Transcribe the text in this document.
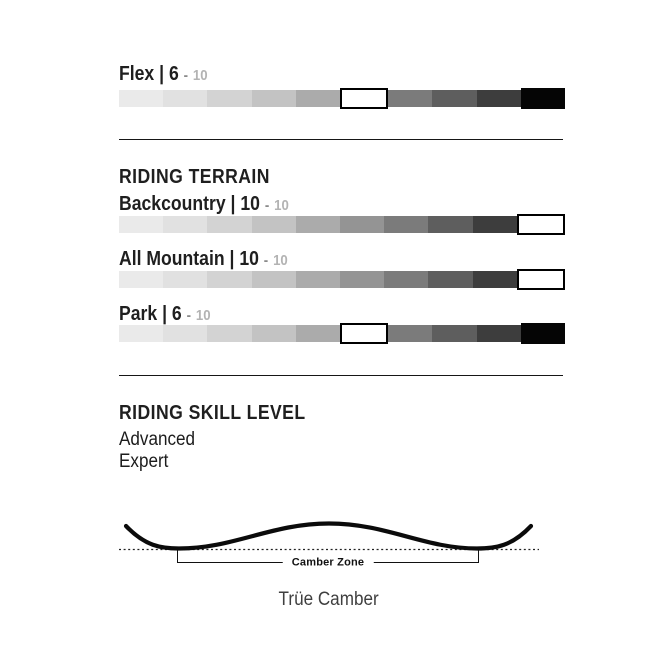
Flex | 6 - 10
RIDING TERRAIN
Backcountry | 10 - 10
All Mountain | 10 - 10
Park | 6 - 10
RIDING SKILL LEVEL
Advanced
Expert
Camber Zone
Trüe Camber
